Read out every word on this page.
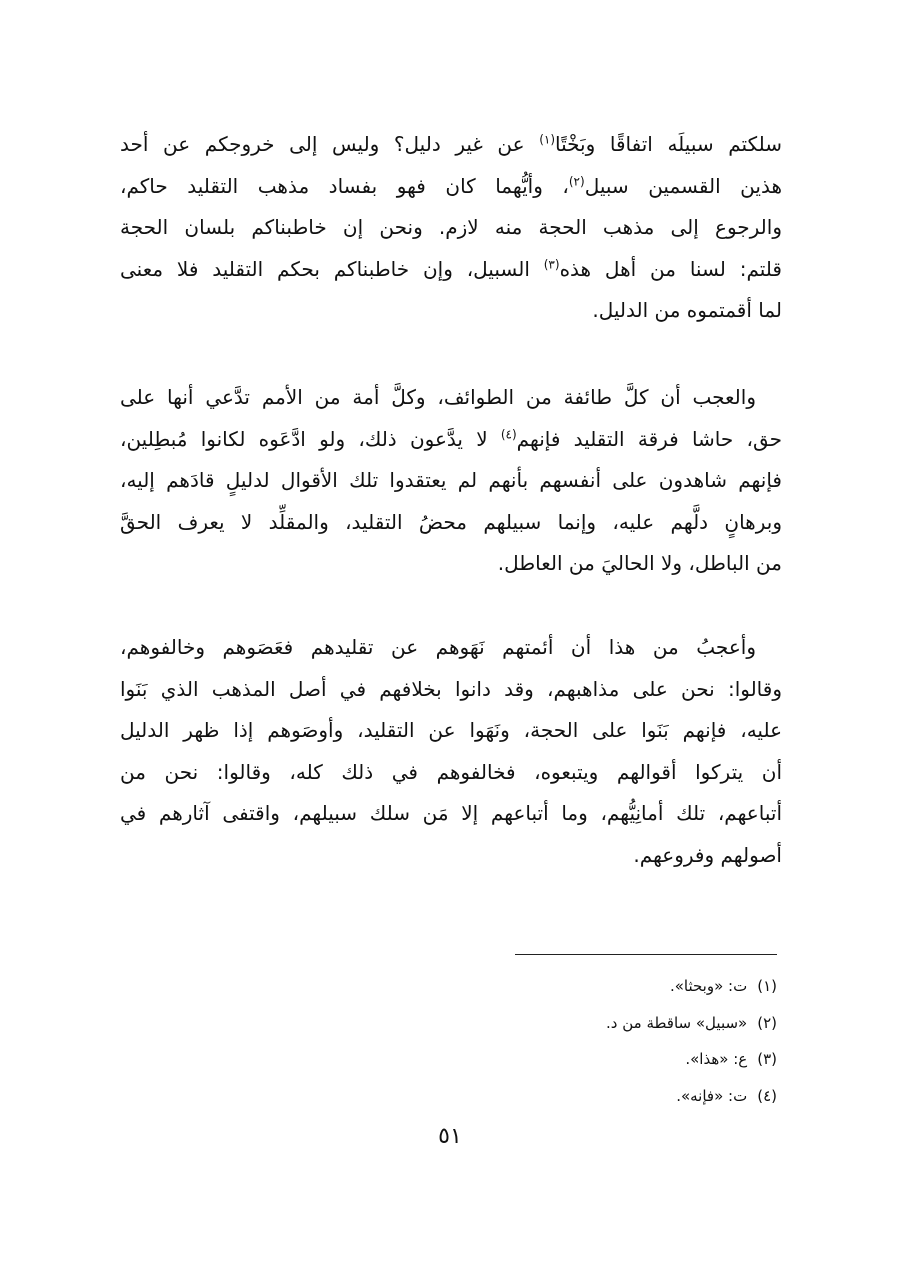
سلكتم سبيلَه اتفاقًا وبَخْتًا$^{(١)}$ عن غير دليل؟ وليس إلى خروجكم عن أحد
هذين القسمين سبيل$^{(٢)}$، وأيُّهما كان فهو بفساد مذهب التقليد حاكم،
والرجوع إلى مذهب الحجة منه لازم. ونحن إن خاطبناكم بلسان الحجة
قلتم: لسنا من أهل هذه$^{(٣)}$ السبيل، وإن خاطبناكم بحكم التقليد فلا معنى
لما أقمتموه من الدليل.
والعجب أن كلَّ طائفة من الطوائف، وكلَّ أمة من الأمم تدَّعي أنها على
حق، حاشا فرقة التقليد فإنهم$^{(٤)}$ لا يدَّعون ذلك، ولو ادَّعَوه لكانوا مُبطِلين،
فإنهم شاهدون على أنفسهم بأنهم لم يعتقدوا تلك الأقوال لدليلٍ قادَهم إليه،
وبرهانٍ دلَّهم عليه، وإنما سبيلهم محضُ التقليد، والمقلِّد لا يعرف الحقَّ
من الباطل، ولا الحاليَ من العاطل.
وأعجبُ من هذا أن أئمتهم نَهَوهم عن تقليدهم فعَصَوهم وخالفوهم،
وقالوا: نحن على مذاهبهم، وقد دانوا بخلافهم في أصل المذهب الذي بَنَوا
عليه، فإنهم بَنَوا على الحجة، ونَهَوا عن التقليد، وأوصَوهم إذا ظهر الدليل
أن يتركوا أقوالهم ويتبعوه، فخالفوهم في ذلك كله، وقالوا: نحن من
أتباعهم، تلك أمانِيُّهم، وما أتباعهم إلا مَن سلك سبيلهم، واقتفى آثارهم في
أصولهم وفروعهم.
(١)ت: «وبحثا».
(٢)«سبيل» ساقطة من د.
(٣)ع: «هذا».
(٤)ت: «فإنه».
٥١
